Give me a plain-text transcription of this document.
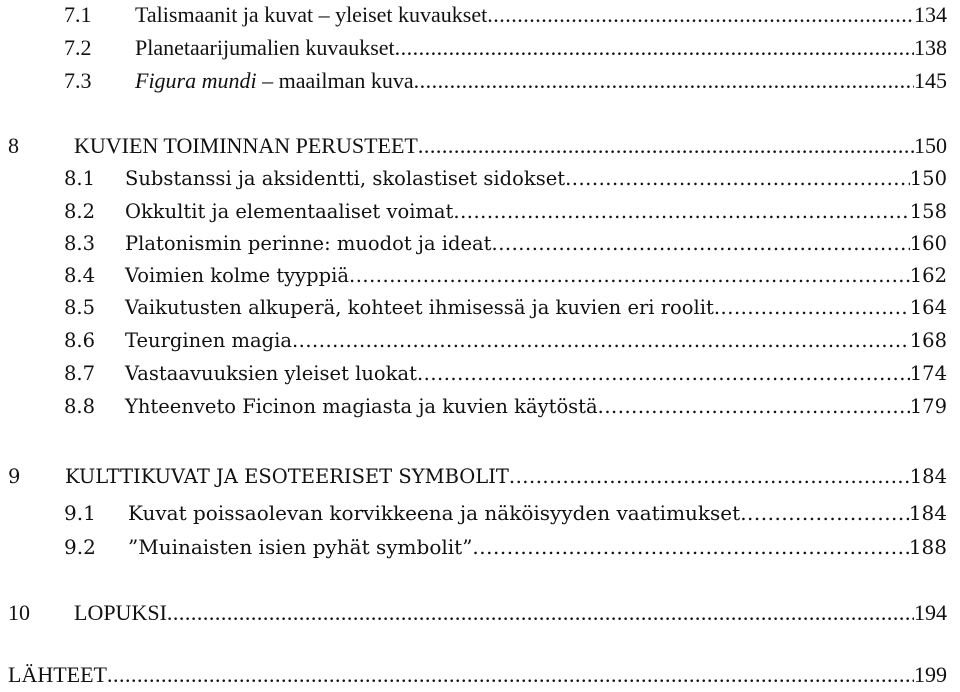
7.1	Talismaanit ja kuvat – yleiset kuvaukset .....	134
7.2	Planetaarijumalien kuvaukset .....	138
7.3	Figura mundi – maailman kuva .....	145
8	KUVIEN TOIMINNAN PERUSTEET .....	150
8.1	Substanssi ja aksidentti, skolastiset sidokset .....	150
8.2	Okkultit ja elementaaliset voimat .....	158
8.3	Platonismin perinne: muodot ja ideat .....	160
8.4	Voimien kolme tyyppiä .....	162
8.5	Vaikutusten alkuperä, kohteet ihmisessä ja kuvien eri roolit .....	164
8.6	Teurginen magia .....	168
8.7	Vastaavuuksien yleiset luokat .....	174
8.8	Yhteenveto Ficinon magiasta ja kuvien käytöstä .....	179
9	KULTTIKUVAT JA ESOTEERISET SYMBOLIT .....	184
9.1	Kuvat poissaolevan korvikkeena ja näköisyyden vaatimukset .....	184
9.2	”Muinaisten isien pyhät symbolit” .....	188
10	LOPUKSI .....	194
LÄHTEET .....	199
